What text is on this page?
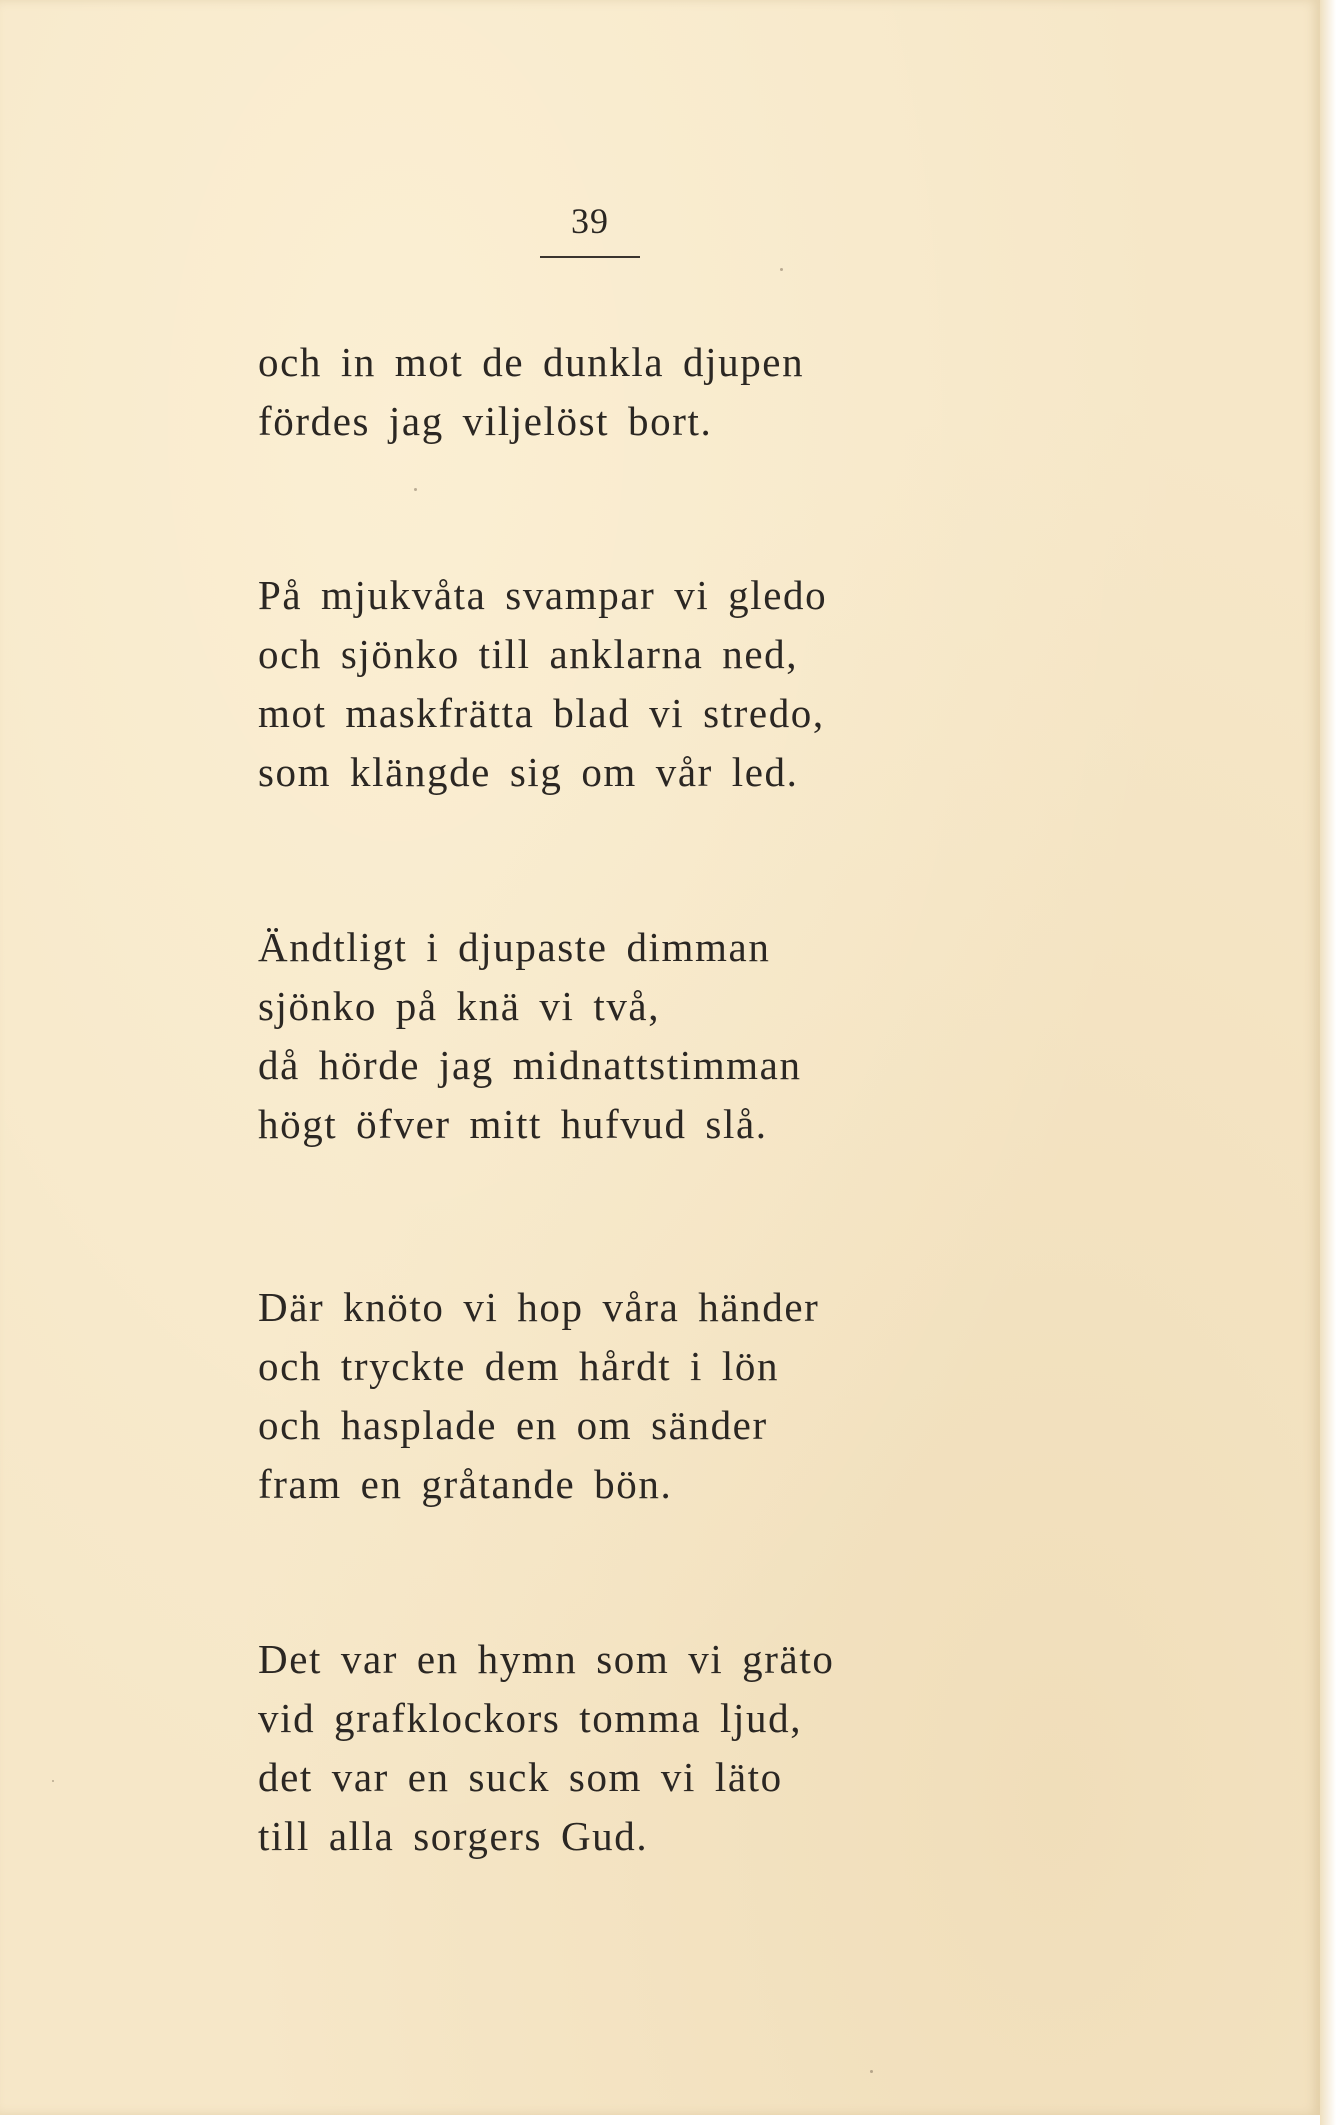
39
och in mot de dunkla djupen
fördes jag viljelöst bort.
På mjukvåta svampar vi gledo
och sjönko till anklarna ned,
mot maskfrätta blad vi stredo,
som klängde sig om vår led.
Ändtligt i djupaste dimman
sjönko på knä vi två,
då hörde jag midnattstimman
högt öfver mitt hufvud slå.
Där knöto vi hop våra händer
och tryckte dem hårdt i lön
och hasplade en om sänder
fram en gråtande bön.
Det var en hymn som vi gräto
vid grafklockors tomma ljud,
det var en suck som vi läto
till alla sorgers Gud.
